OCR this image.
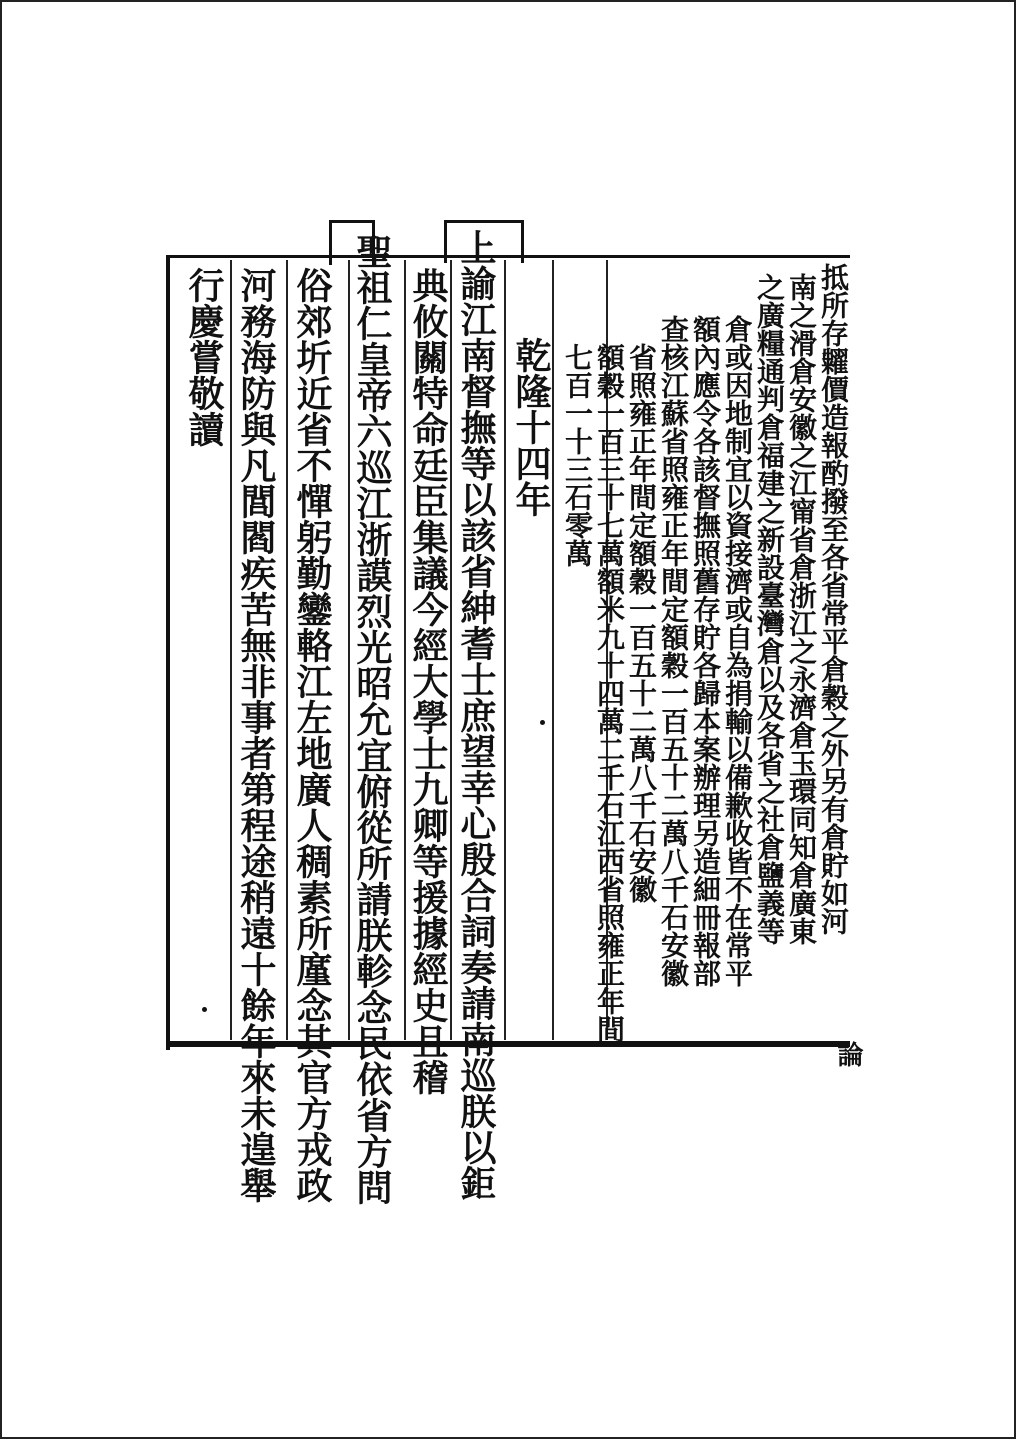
行慶嘗敬讀 河務海防與凡閭閻疾苦無非事者第程途稍遠十餘年來未遑舉 俗郊圻近省不憚躬勤鑾輅江左地廣人稠素所廑念其官方戎政 聖祖仁皇帝六巡江浙謨烈光昭允宜俯從所請朕軫念民依省方問 典攸關特命廷臣集議今經大學士九卿等援據經史且稽 上諭江南督撫等以該省紳耆士庶望幸心殷合詞奏請南巡朕以鉅 乾隆十四年 七百一十三石零萬 額穀一百三十七萬額米九十四萬二千石江西省照雍正年間 省照雍正年間定額穀一百五十二萬八千石安徽 查核江蘇省照雍正年間定額穀一百五十二萬八千石安徽 額內應令各該督撫照舊存貯各歸本案辦理另造細冊報部 倉或因地制宜以資接濟或自為捐輸以備歉收皆不在常平 之廣糧通判倉福建之新設臺灣倉以及各省之社倉鹽義等 南之滑倉安徽之江甯省倉浙江之永濟倉玉環同知倉廣東 抵所存糶價造報酌撥至各省常平倉穀之外另有倉貯如河
論
